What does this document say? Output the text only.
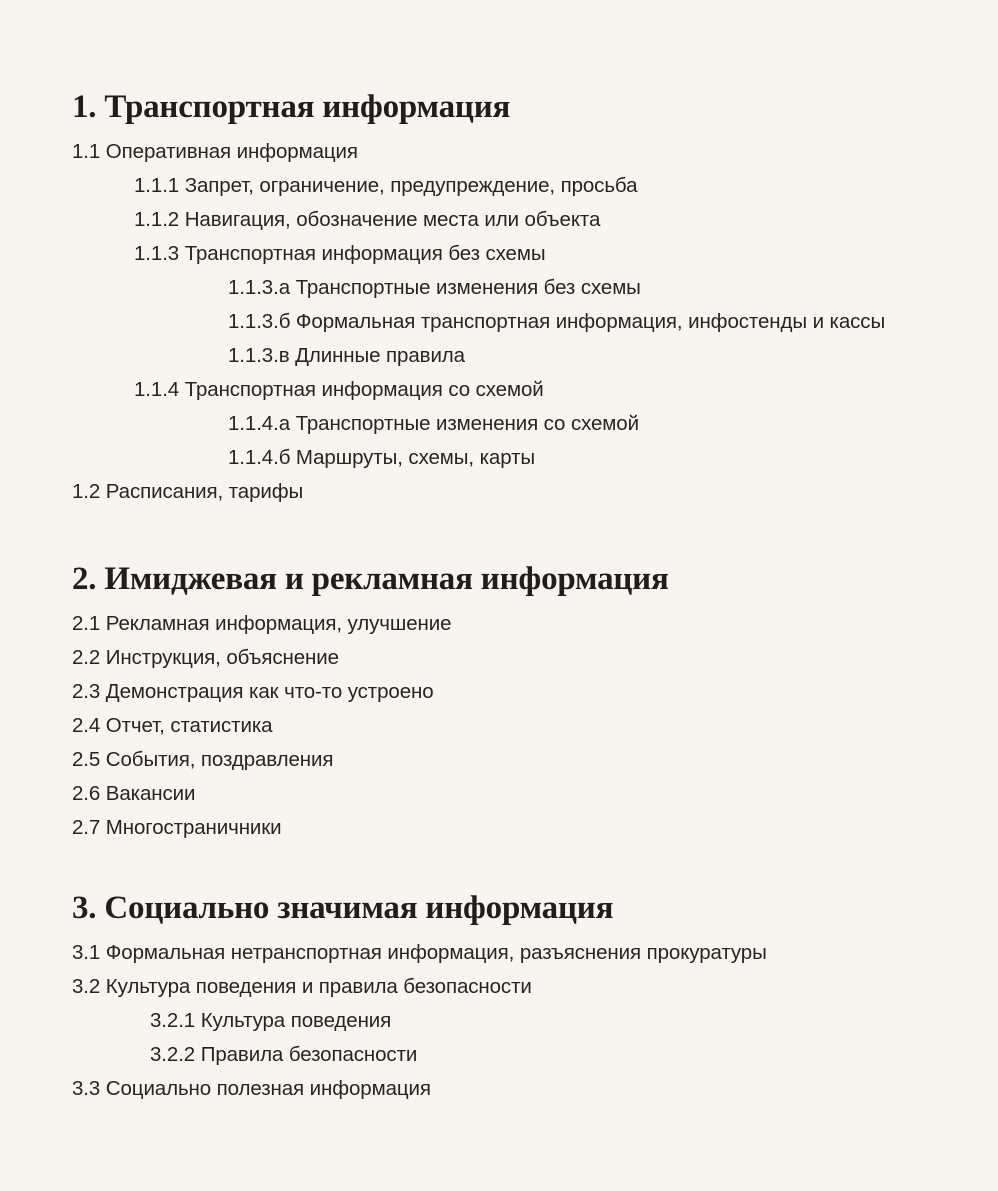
1. Транспортная информация
1.1 Оперативная информация
1.1.1 Запрет, ограничение, предупреждение, просьба
1.1.2 Навигация, обозначение места или объекта
1.1.3 Транспортная информация без схемы
1.1.3.а Транспортные изменения без схемы
1.1.3.б Формальная транспортная информация, инфостенды и кассы
1.1.3.в Длинные правила
1.1.4 Транспортная информация со схемой
1.1.4.а Транспортные изменения со схемой
1.1.4.б Маршруты, схемы, карты
1.2 Расписания, тарифы
2. Имиджевая и рекламная информация
2.1 Рекламная информация, улучшение
2.2 Инструкция, объяснение
2.3 Демонстрация как что-то устроено
2.4 Отчет, статистика
2.5 События, поздравления
2.6 Вакансии
2.7 Многостраничники
3. Социально значимая информация
3.1 Формальная нетранспортная информация, разъяснения прокуратуры
3.2 Культура поведения и правила безопасности
3.2.1 Культура поведения
3.2.2 Правила безопасности
3.3 Социально полезная информация
